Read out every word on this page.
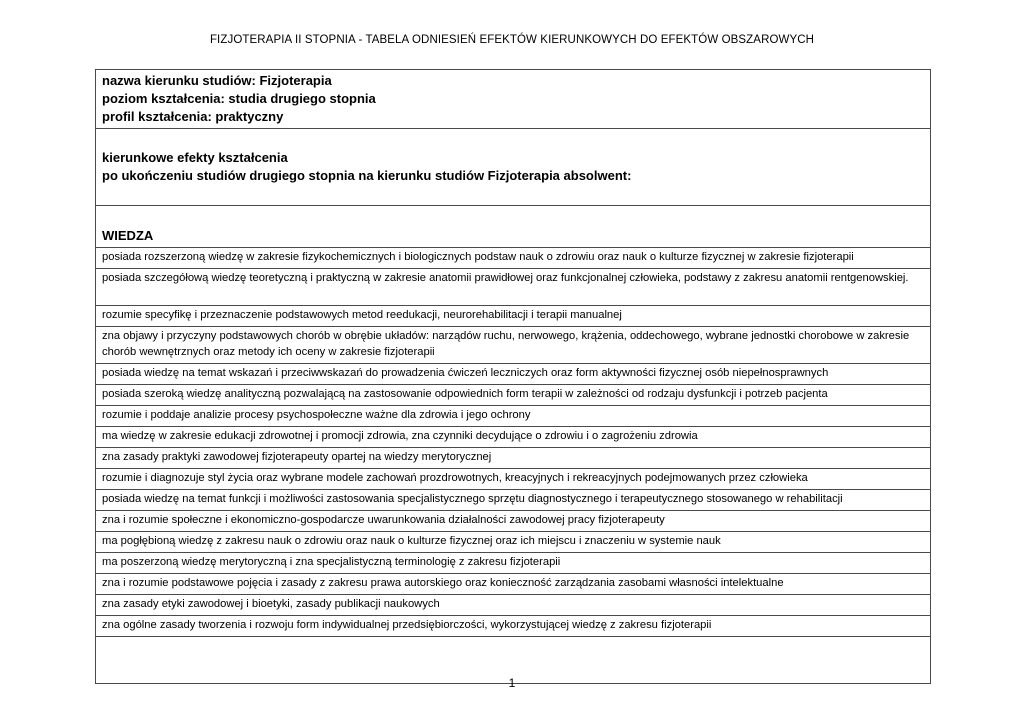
FIZJOTERAPIA II STOPNIA - TABELA ODNIESIEŃ EFEKTÓW KIERUNKOWYCH DO EFEKTÓW OBSZAROWYCH
nazwa kierunku studiów: Fizjoterapia
poziom kształcenia: studia drugiego stopnia
profil kształcenia: praktyczny

kierunkowe efekty kształcenia
po ukończeniu studiów drugiego stopnia na kierunku studiów Fizjoterapia absolwent:

WIEDZA
posiada rozszerzoną wiedzę w zakresie fizykochemicznych i biologicznych podstaw nauk o zdrowiu oraz nauk o kulturze fizycznej w zakresie fizjoterapii
posiada szczegółową wiedzę teoretyczną i praktyczną w zakresie anatomii prawidłowej oraz funkcjonalnej człowieka, podstawy z zakresu anatomii rentgenowskiej.
rozumie specyfikę i przeznaczenie podstawowych metod reedukacji, neurorehabilitacji i terapii manualnej
zna objawy i przyczyny podstawowych chorób w obrębie układów: narządów ruchu, nerwowego, krążenia, oddechowego, wybrane jednostki chorobowe w zakresie chorób wewnętrznych oraz metody ich oceny w zakresie fizjoterapii
posiada wiedzę na temat wskazań i przeciwwskazań do prowadzenia ćwiczeń leczniczych oraz form aktywności fizycznej osób niepełnosprawnych
posiada szeroką wiedzę analityczną pozwalającą na zastosowanie odpowiednich form terapii w zależności od rodzaju dysfunkcji i potrzeb pacjenta
rozumie i poddaje analizie procesy psychospołeczne ważne dla zdrowia i jego ochrony
ma wiedzę w zakresie edukacji zdrowotnej i promocji zdrowia, zna czynniki decydujące o zdrowiu i o zagrożeniu zdrowia
zna zasady praktyki zawodowej fizjoterapeuty opartej na wiedzy merytorycznej
rozumie i diagnozuje styl życia oraz wybrane modele zachowań prozdrowotnych, kreacyjnych i rekreacyjnych podejmowanych przez człowieka
posiada wiedzę na temat funkcji i możliwości zastosowania specjalistycznego sprzętu diagnostycznego i terapeutycznego stosowanego w rehabilitacji
zna i rozumie społeczne i ekonomiczno-gospodarcze uwarunkowania działalności zawodowej pracy fizjoterapeuty
ma pogłębioną wiedzę z zakresu nauk o zdrowiu oraz nauk o kulturze fizycznej oraz ich miejscu i znaczeniu w systemie nauk
ma poszerzoną wiedzę merytoryczną i zna specjalistyczną terminologię z zakresu fizjoterapii
zna i rozumie podstawowe pojęcia i zasady z zakresu prawa autorskiego oraz konieczność zarządzania zasobami własności intelektualne
zna zasady etyki zawodowej i bioetyki, zasady publikacji naukowych
zna ogólne zasady tworzenia i rozwoju form indywidualnej przedsiębiorczości, wykorzystującej wiedzę z zakresu fizjoterapii

1
